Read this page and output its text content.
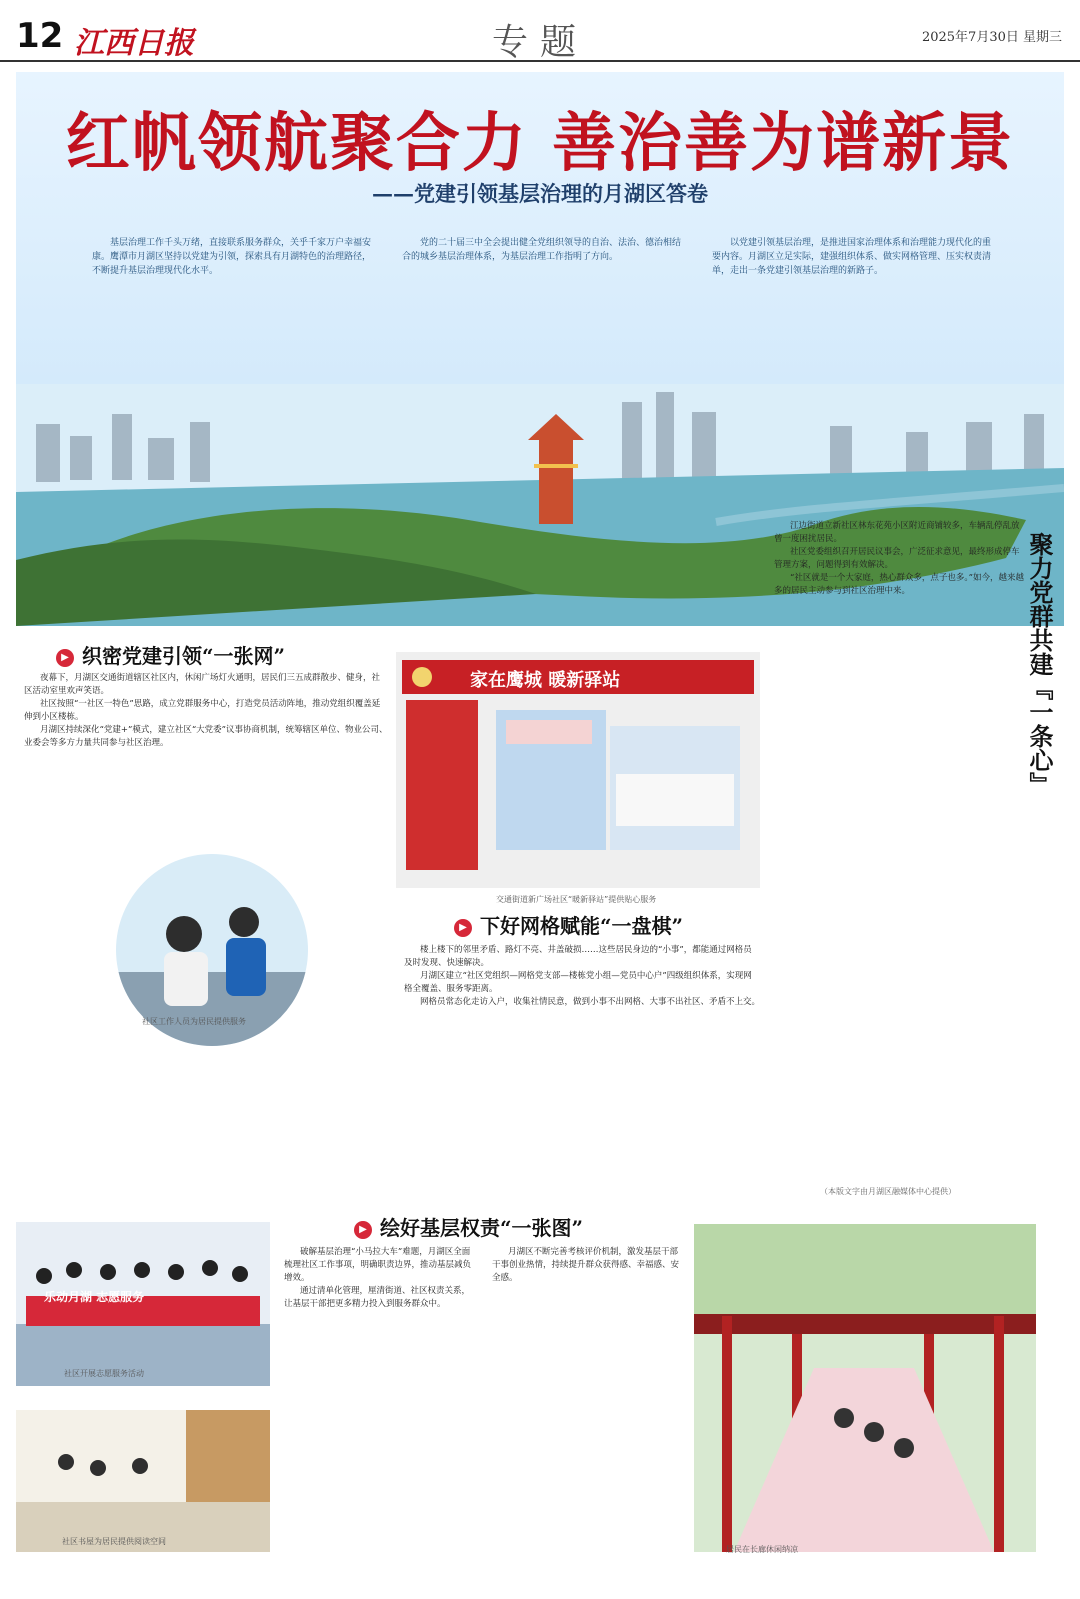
12 江西日报	专题	2025年7月30日 星期三
红帆领航聚合力 善治善为谱新景
——党建引领基层治理的月湖区答卷

基层治理工作千头万绪，直接联系服务群众，关乎千家万户幸福安康。鹰潭市月湖区坚持以党建为引领，探索具有月湖特色的治理路径，不断提升基层治理现代化水平。

党的二十届三中全会提出健全党组织领导的自治、法治、德治相结合的城乡基层治理体系，为基层治理工作指明了方向。

以党建引领基层治理，是推进国家治理体系和治理能力现代化的重要内容。月湖区立足实际，建强组织体系、做实网格管理、压实权责清单，走出一条党建引领基层治理的新路子。

▶ 织密党建引领“一张网”

夜幕下，月湖区交通街道辖区社区内，休闲广场灯火通明，居民们三五成群散步、健身，社区活动室里欢声笑语。

社区按照“一社区一特色”思路，成立党群服务中心，打造党员活动阵地，推动党组织覆盖延伸到小区楼栋。

月湖区持续深化“党建+”模式，建立社区“大党委”议事协商机制，统筹辖区单位、物业公司、业委会等多方力量共同参与社区治理。

社区工作人员为居民提供服务
家在鹰城 暖新驿站
交通街道新广场社区“暖新驿站”提供贴心服务
▶ 下好网格赋能“一盘棋”

楼上楼下的邻里矛盾、路灯不亮、井盖破损……这些居民身边的“小事”，都能通过网格员及时发现、快速解决。

月湖区建立“社区党组织—网格党支部—楼栋党小组—党员中心户”四级组织体系，实现网格全覆盖、服务零距离。

网格员常态化走访入户，收集社情民意，做到小事不出网格、大事不出社区、矛盾不上交。

聚力党群共建『一条心』

江边街道立新社区林东花苑小区附近商铺较多，车辆乱停乱放曾一度困扰居民。

社区党委组织召开居民议事会，广泛征求意见，最终形成停车管理方案，问题得到有效解决。

“社区就是一个大家庭，热心群众多，点子也多。”如今，越来越多的居民主动参与到社区治理中来。

（本版文字由月湖区融媒体中心提供）
▶ 绘好基层权责“一张图”

破解基层治理“小马拉大车”难题，月湖区全面梳理社区工作事项，明确职责边界，推动基层减负增效。

通过清单化管理，厘清街道、社区权责关系，让基层干部把更多精力投入到服务群众中。

月湖区不断完善考核评价机制，激发基层干部干事创业热情，持续提升群众获得感、幸福感、安全感。

乐动月湖 志愿服务
社区开展志愿服务活动
社区书屋为居民提供阅读空间
居民在长廊休闲纳凉
